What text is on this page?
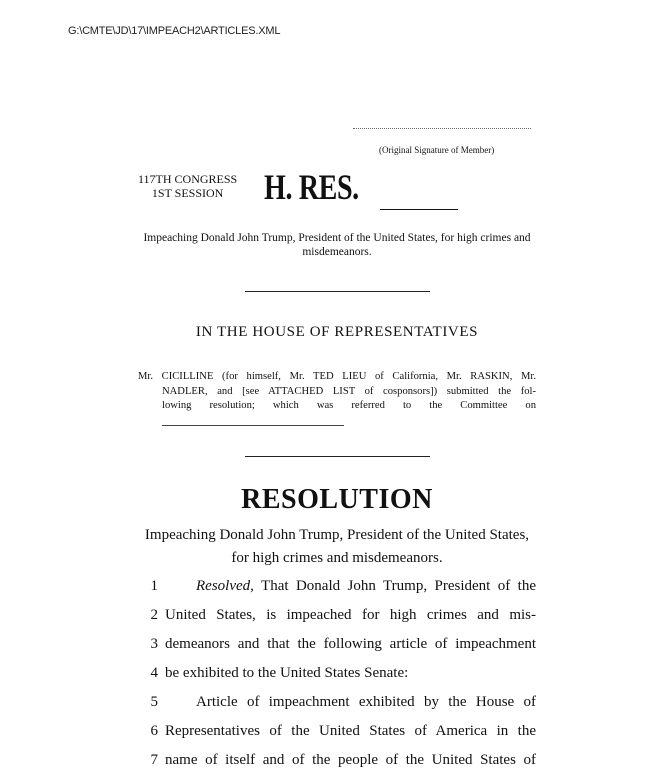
G:\CMTE\JD\17\IMPEACH2\ARTICLES.XML
(Original Signature of Member)
117TH CONGRESS
1ST SESSION	H. RES.
Impeaching Donald John Trump, President of the United States, for high crimes and misdemeanors.
IN THE HOUSE OF REPRESENTATIVES
Mr. CICILLINE (for himself, Mr. TED LIEU of California, Mr. RASKIN, Mr.
NADLER, and [see ATTACHED LIST of cosponsors]) submitted the fol-
lowing resolution; which was referred to the Committee on
RESOLUTION
Impeaching Donald John Trump, President of the United States, for high crimes and misdemeanors.
1	Resolved, That Donald John Trump, President of the
2 United States, is impeached for high crimes and mis-
3 demeanors and that the following article of impeachment
4 be exhibited to the United States Senate:
5	Article of impeachment exhibited by the House of
6 Representatives of the United States of America in the
7 name of itself and of the people of the United States of
